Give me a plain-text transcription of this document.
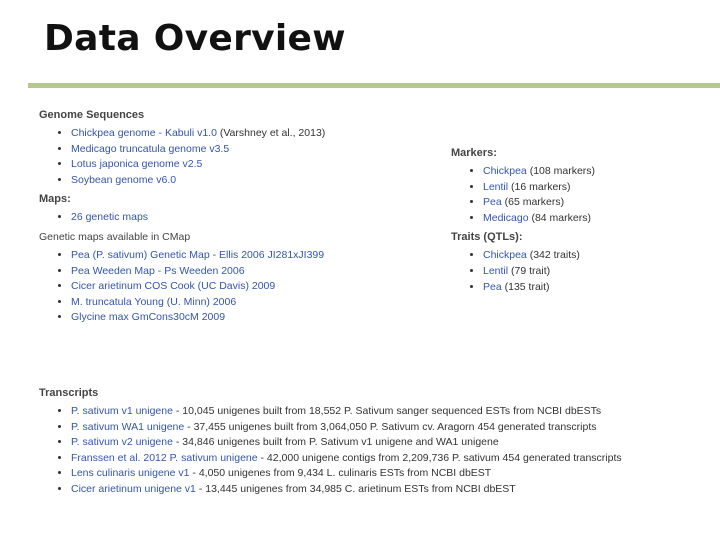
Data Overview
Genome Sequences
• Chickpea genome - Kabuli v1.0 (Varshney et al., 2013)
• Medicago truncatula genome v3.5
• Lotus japonica genome v2.5
• Soybean genome v6.0
Maps:
• 26 genetic maps
Genetic maps available in CMap
• Pea (P. sativum) Genetic Map - Ellis 2006 JI281xJI399
• Pea Weeden Map - Ps Weeden 2006
• Cicer arietinum COS Cook (UC Davis) 2009
• M. truncatula Young (U. Minn) 2006
• Glycine max GmCons30cM 2009
Markers:
• Chickpea (108 markers)
• Lentil (16 markers)
• Pea (65 markers)
• Medicago (84 markers)
Traits (QTLs):
• Chickpea (342 traits)
• Lentil (79 trait)
• Pea (135 trait)
Transcripts
• P. sativum v1 unigene - 10,045 unigenes built from 18,552 P. Sativum sanger sequenced ESTs from NCBI dbESTs
• P. sativum WA1 unigene - 37,455 unigenes built from 3,064,050 P. Sativum cv. Aragorn 454 generated transcripts
• P. sativum v2 unigene - 34,846 unigenes built from P. Sativum v1 unigene and WA1 unigene
• Franssen et al. 2012 P. sativum unigene - 42,000 unigene contigs from 2,209,736 P. sativum 454 generated transcripts
• Lens culinaris unigene v1 - 4,050 unigenes from 9,434 L. culinaris ESTs from NCBI dbEST
• Cicer arietinum unigene v1 - 13,445 unigenes from 34,985 C. arietinum ESTs from NCBI dbEST
